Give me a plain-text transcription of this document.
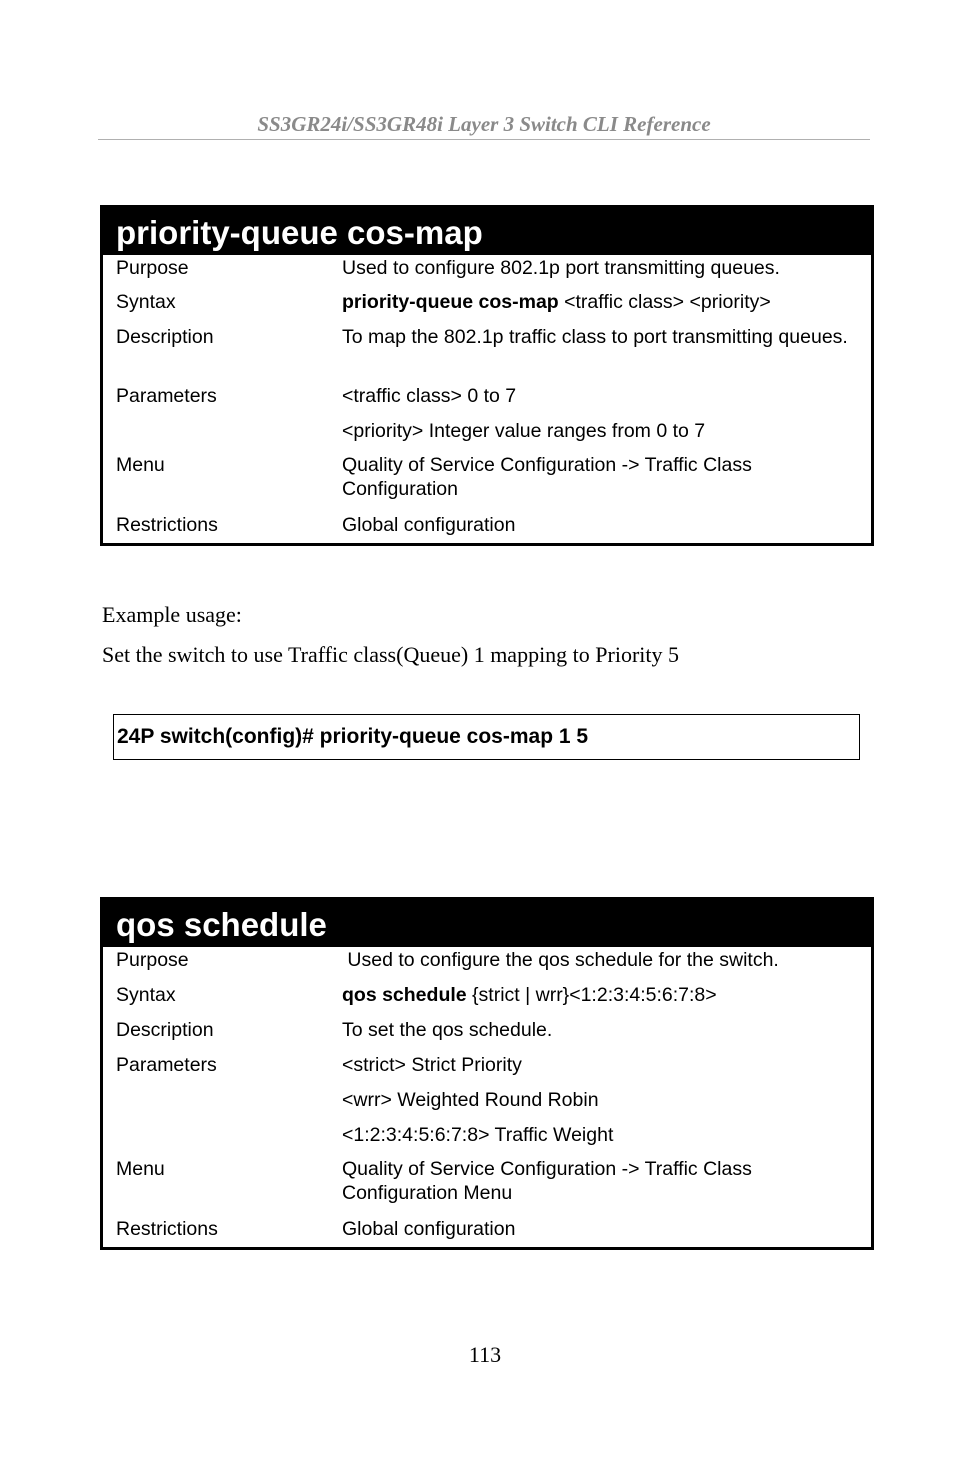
SS3GR24i/SS3GR48i Layer 3 Switch CLI Reference
priority-queue cos-map
Purpose	Used to configure 802.1p port transmitting queues.
Syntax	priority-queue cos-map <traffic class> <priority>
Description	To map the 802.1p traffic class to port transmitting queues.
Parameters	<traffic class> 0 to 7
<priority> Integer value ranges from 0 to 7
Menu	Quality of Service Configuration -> Traffic Class Configuration
Restrictions	Global configuration
Example usage:
Set the switch to use Traffic class(Queue) 1 mapping to Priority 5
24P switch(config)# priority-queue cos-map 1 5
qos schedule
Purpose	Used to configure the qos schedule for the switch.
Syntax	qos schedule {strict | wrr}<1:2:3:4:5:6:7:8>
Description	To set the qos schedule.
Parameters	<strict> Strict Priority
<wrr> Weighted Round Robin
<1:2:3:4:5:6:7:8> Traffic Weight
Menu	Quality of Service Configuration -> Traffic Class Configuration Menu
Restrictions	Global configuration
113
